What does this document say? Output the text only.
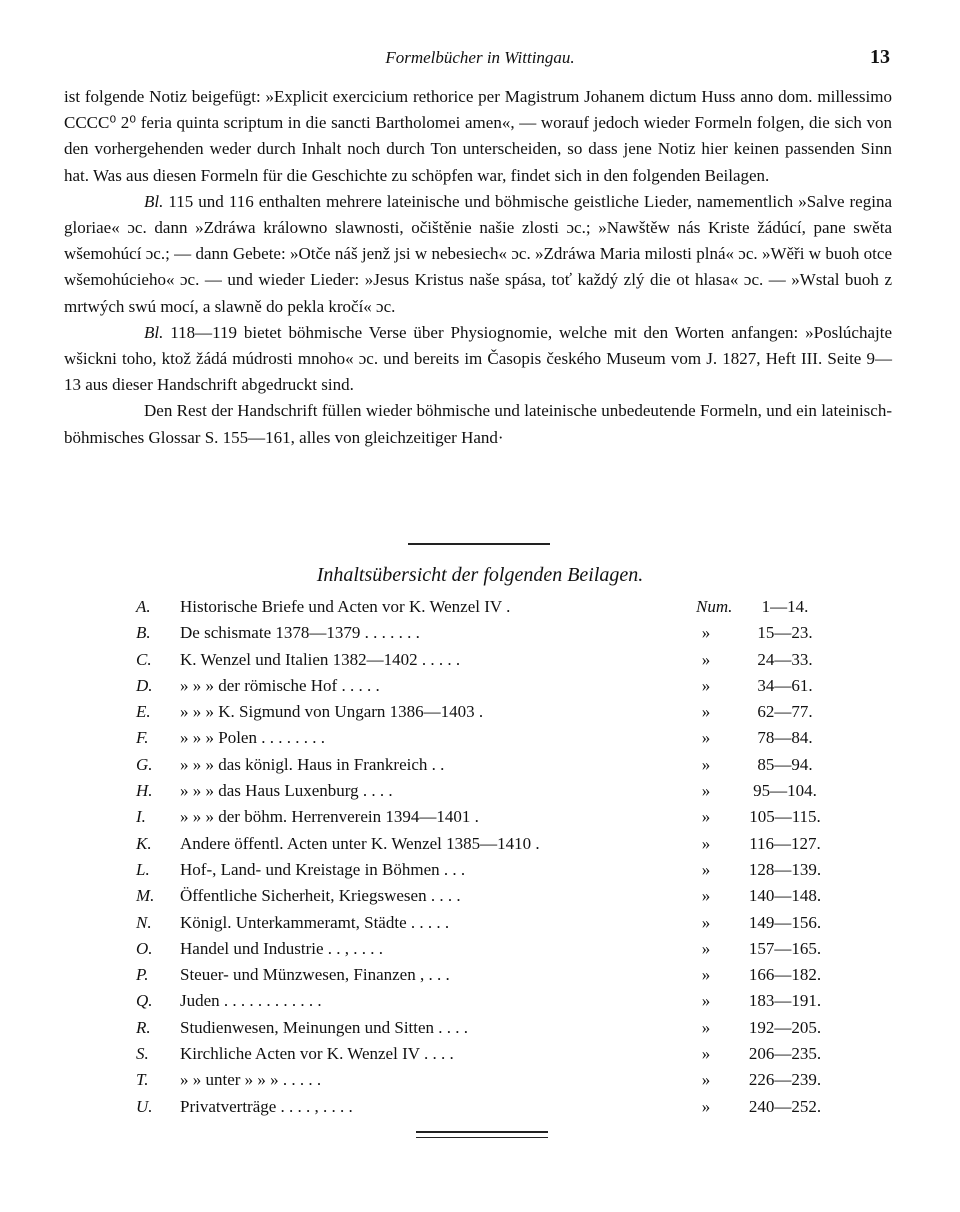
Formelbücher in Wittingau.	13

ist folgende Notiz beigefügt: »Explicit exercicium rethorice per Magistrum Johanem dictum Huss anno dom. millessimo CCCC⁰ 2⁰ feria quinta scriptum in die sancti Bartholomei amen«, — worauf jedoch wieder Formeln folgen, die sich von den vorhergehenden weder durch Inhalt noch durch Ton unterscheiden, so dass jene Notiz hier keinen passenden Sinn hat. Was aus diesen Formeln für die Geschichte zu schöpfen war, findet sich in den folgenden Beilagen.

Bl. 115 und 116 enthalten mehrere lateinische und böhmische geistliche Lieder, namementlich »Salve regina gloriae« ɔc. dann »Zdráwa králowno slawnosti, očištěnie našie zlosti ɔc.; »Nawštěw nás Kriste žádúcí, pane swěta wšemohúcí ɔc.; — dann Gebete: »Otče náš jenž jsi w nebesiech« ɔc. »Zdráwa Maria milosti plná« ɔc. »Wěři w buoh otce wšemohúcieho« ɔc. — und wieder Lieder: »Jesus Kristus naše spása, toť každý zlý die ot hlasa« ɔc. — »Wstal buoh z mrtwých swú mocí, a slawně do pekla kročí« ɔc.

Bl. 118—119 bietet böhmische Verse über Physiognomie, welche mit den Worten anfangen: »Poslúchajte wšickni toho, ktož žádá múdrosti mnoho« ɔc. und bereits im Časopis českého Museum vom J. 1827, Heft III. Seite 9—13 aus dieser Handschrift abgedruckt sind.

Den Rest der Handschrift füllen wieder böhmische und lateinische unbedeutende Formeln, und ein lateinisch-böhmisches Glossar S. 155—161, alles von gleichzeitiger Hand·

Inhaltsübersicht der folgenden Beilagen.
A.	Historische Briefe und Acten vor K. Wenzel IV .	Num.	1—14.
B.	De schismate 1378—1379 . . . . . . .	»	15—23.
C.	K. Wenzel und Italien 1382—1402 . . . . .	»	24—33.
D.	» » » der römische Hof . . . . .	»	34—61.
E.	» » » K. Sigmund von Ungarn 1386—1403 .	»	62—77.
F.	» » » Polen . . . . . . . .	»	78—84.
G.	» » » das königl. Haus in Frankreich . .	»	85—94.
H.	» » » das Haus Luxenburg . . . .	»	95—104.
I.	» » » der böhm. Herrenverein 1394—1401 .	»	105—115.
K.	Andere öffentl. Acten unter K. Wenzel 1385—1410 .	»	116—127.
L.	Hof-, Land- und Kreistage in Böhmen . . .	»	128—139.
M.	Öffentliche Sicherheit, Kriegswesen . . . .	»	140—148.
N.	Königl. Unterkammeramt, Städte . . . . .	»	149—156.
O.	Handel und Industrie . . , . . . .	»	157—165.
P.	Steuer- und Münzwesen, Finanzen , . . .	»	166—182.
Q.	Juden . . . . . . . . . . . .	»	183—191.
R.	Studienwesen, Meinungen und Sitten . . . .	»	192—205.
S.	Kirchliche Acten vor K. Wenzel IV . . . .	»	206—235.
T.	» » unter » » » . . . . .	»	226—239.
U.	Privatverträge . . . . , . . . .	»	240—252.
